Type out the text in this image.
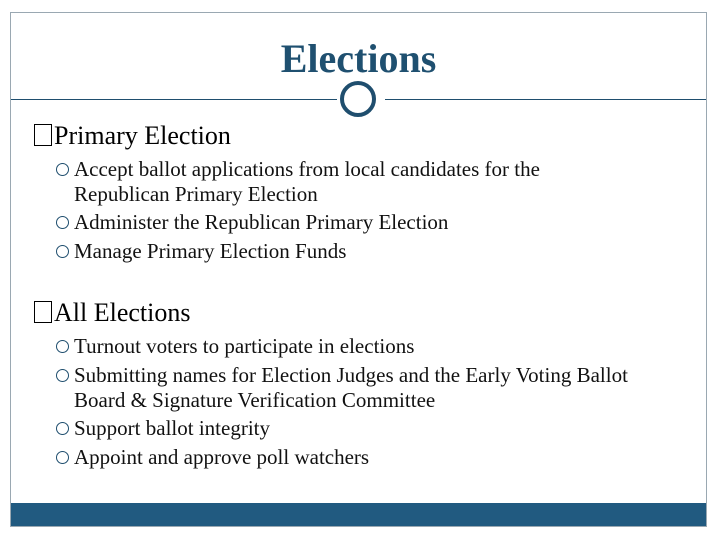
Elections
Primary Election
Accept ballot applications from local candidates for the Republican Primary Election
Administer the Republican Primary Election
Manage Primary Election Funds
All Elections
Turnout voters to participate in elections
Submitting names for Election Judges and the Early Voting Ballot Board & Signature Verification Committee
Support ballot integrity
Appoint and approve poll watchers
